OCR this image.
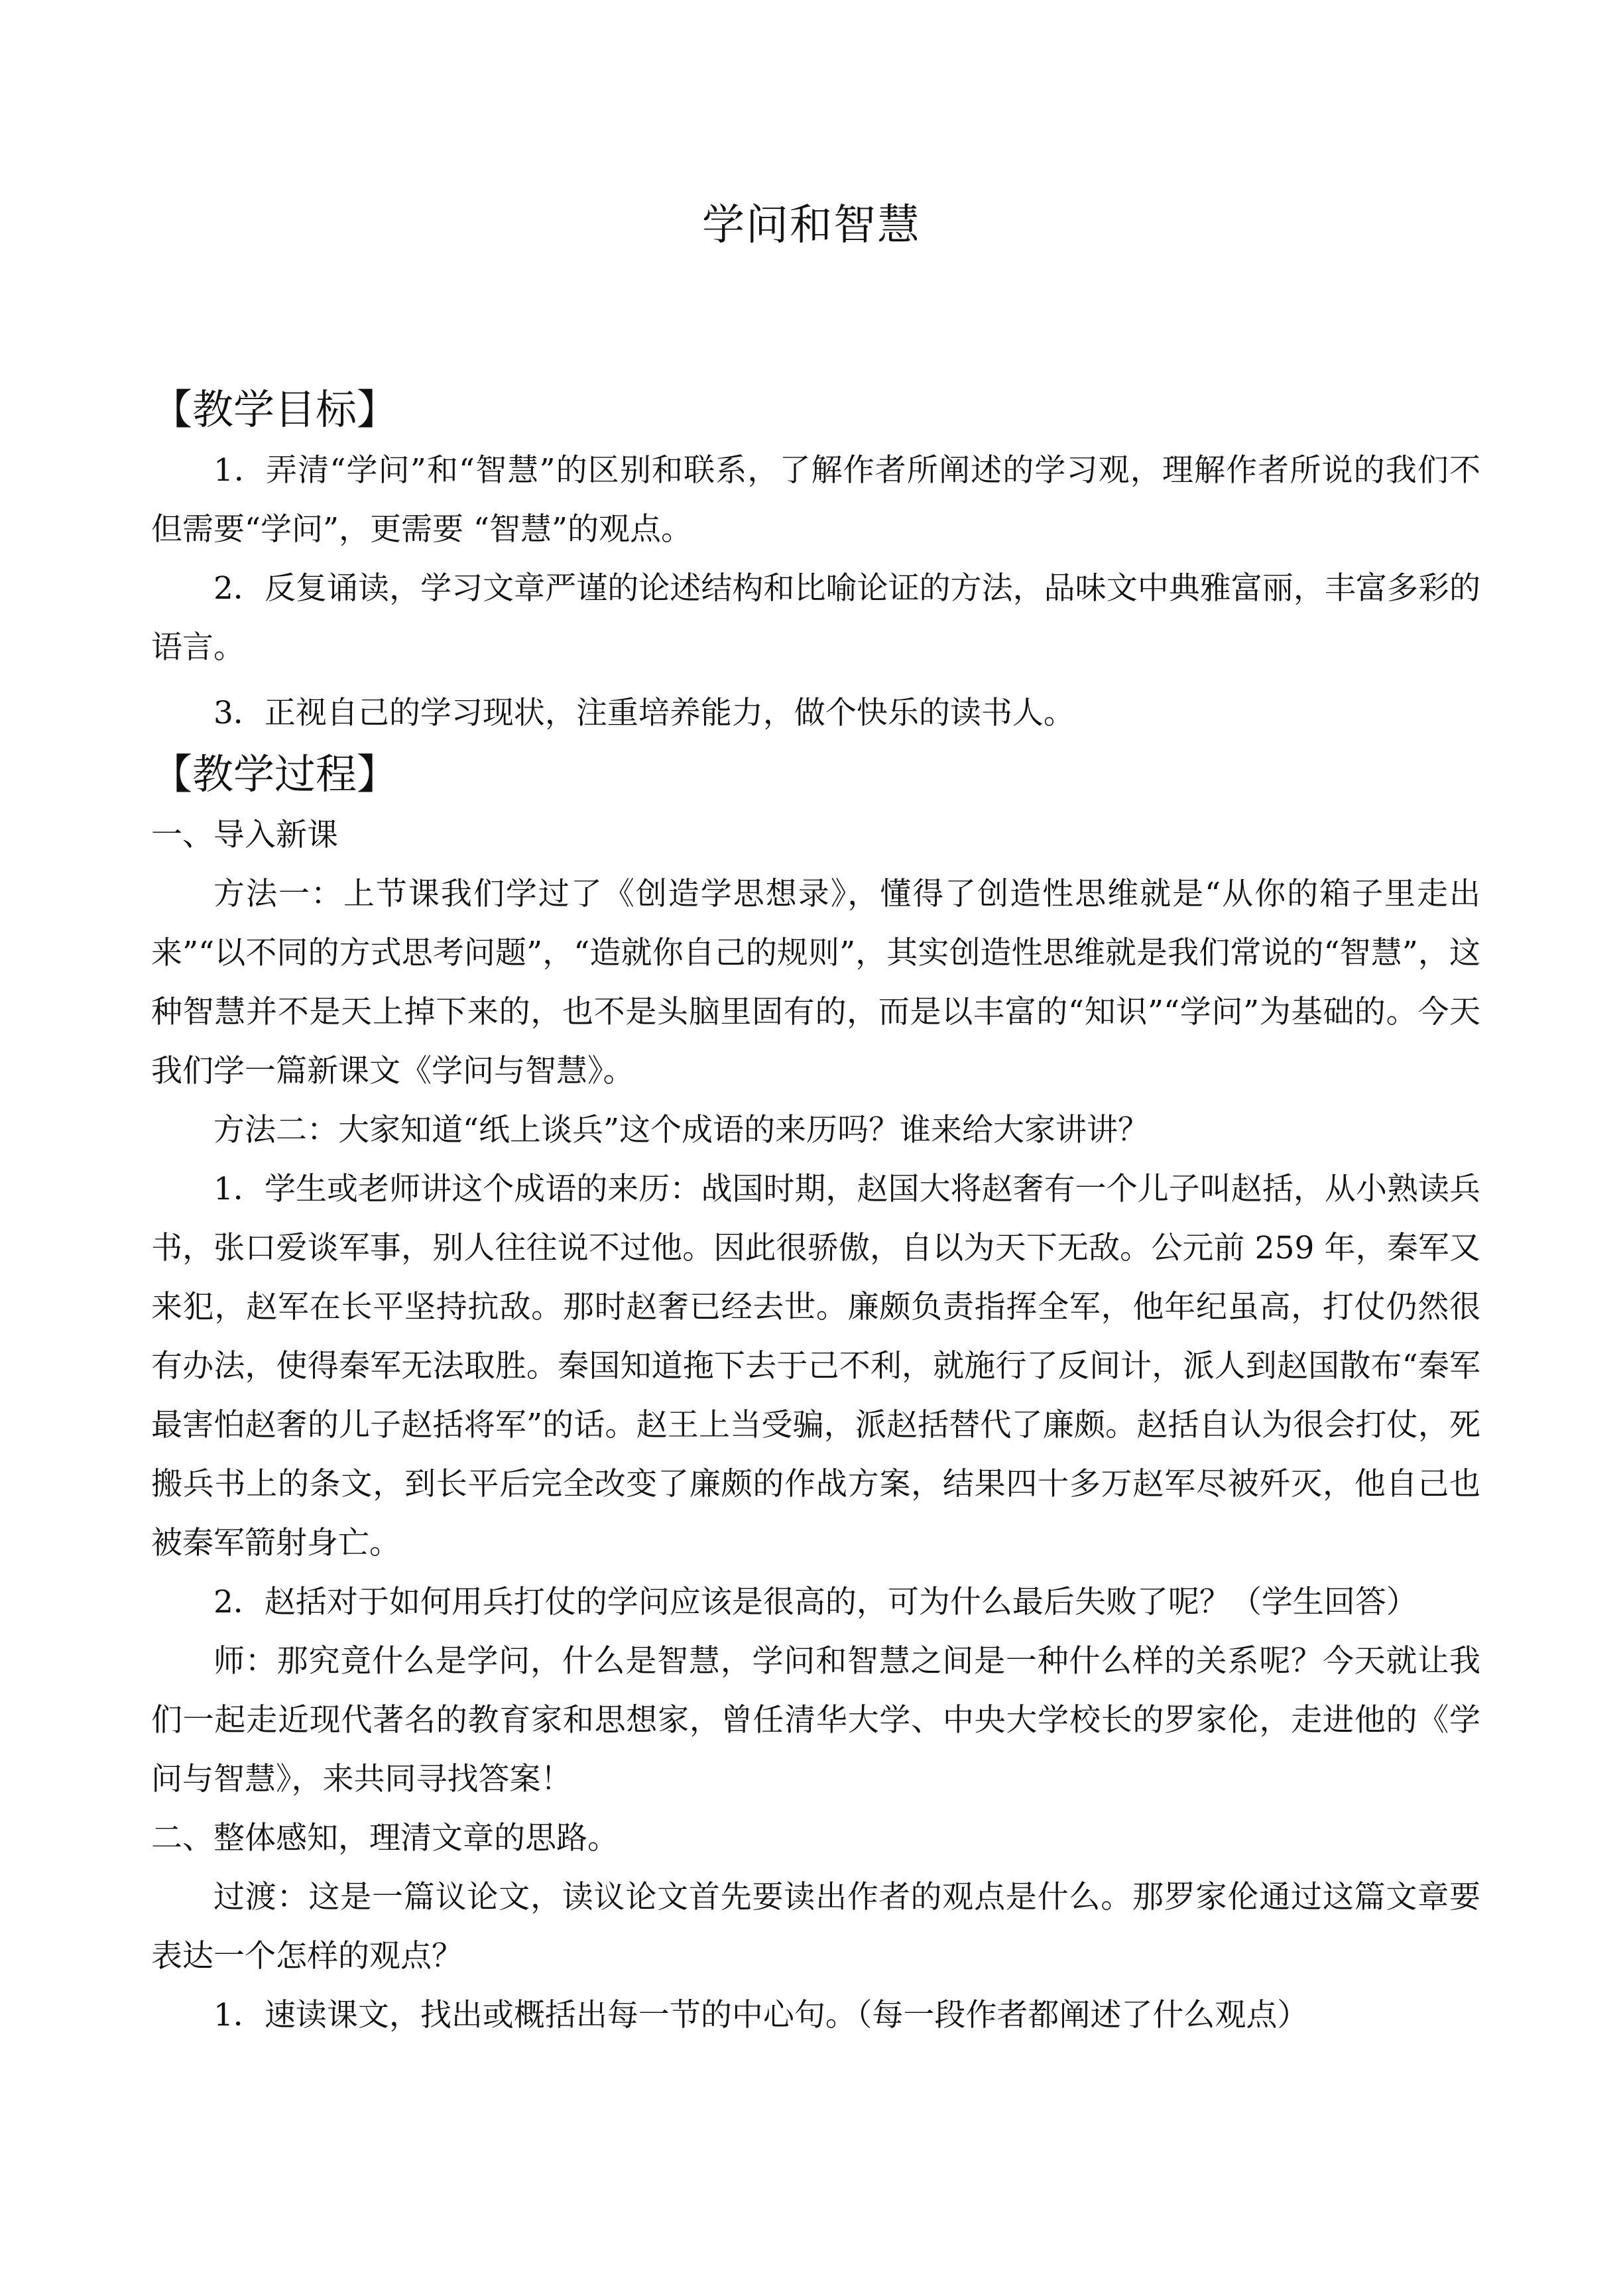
学问和智慧

【教学目标】

1．弄清“学问”和“智慧”的区别和联系，了解作者所阐述的学习观，理解作者所说的我们不但需要“学问”，更需要 “智慧”的观点。

2．反复诵读，学习文章严谨的论述结构和比喻论证的方法，品味文中典雅富丽，丰富多彩的语言。

3．正视自己的学习现状，注重培养能力，做个快乐的读书人。

【教学过程】

一、导入新课

方法一：上节课我们学过了《创造学思想录》，懂得了创造性思维就是“从你的箱子里走出来”“以不同的方式思考问题”，“造就你自己的规则”，其实创造性思维就是我们常说的“智慧”，这种智慧并不是天上掉下来的，也不是头脑里固有的，而是以丰富的“知识”“学问”为基础的。今天我们学一篇新课文《学问与智慧》。

方法二：大家知道“纸上谈兵”这个成语的来历吗？谁来给大家讲讲？

1．学生或老师讲这个成语的来历：战国时期，赵国大将赵奢有一个儿子叫赵括，从小熟读兵书，张口爱谈军事，别人往往说不过他。因此很骄傲，自以为天下无敌。公元前 259 年，秦军又来犯，赵军在长平坚持抗敌。那时赵奢已经去世。廉颇负责指挥全军，他年纪虽高，打仗仍然很有办法，使得秦军无法取胜。秦国知道拖下去于己不利，就施行了反间计，派人到赵国散布“秦军最害怕赵奢的儿子赵括将军”的话。赵王上当受骗，派赵括替代了廉颇。赵括自认为很会打仗，死搬兵书上的条文，到长平后完全改变了廉颇的作战方案，结果四十多万赵军尽被歼灭，他自己也被秦军箭射身亡。

2．赵括对于如何用兵打仗的学问应该是很高的，可为什么最后失败了呢？（学生回答）

师：那究竟什么是学问，什么是智慧，学问和智慧之间是一种什么样的关系呢？今天就让我们一起走近现代著名的教育家和思想家，曾任清华大学、中央大学校长的罗家伦，走进他的《学问与智慧》，来共同寻找答案！

二、整体感知，理清文章的思路。

过渡：这是一篇议论文，读议论文首先要读出作者的观点是什么。那罗家伦通过这篇文章要表达一个怎样的观点？

1．速读课文，找出或概括出每一节的中心句。（每一段作者都阐述了什么观点）
